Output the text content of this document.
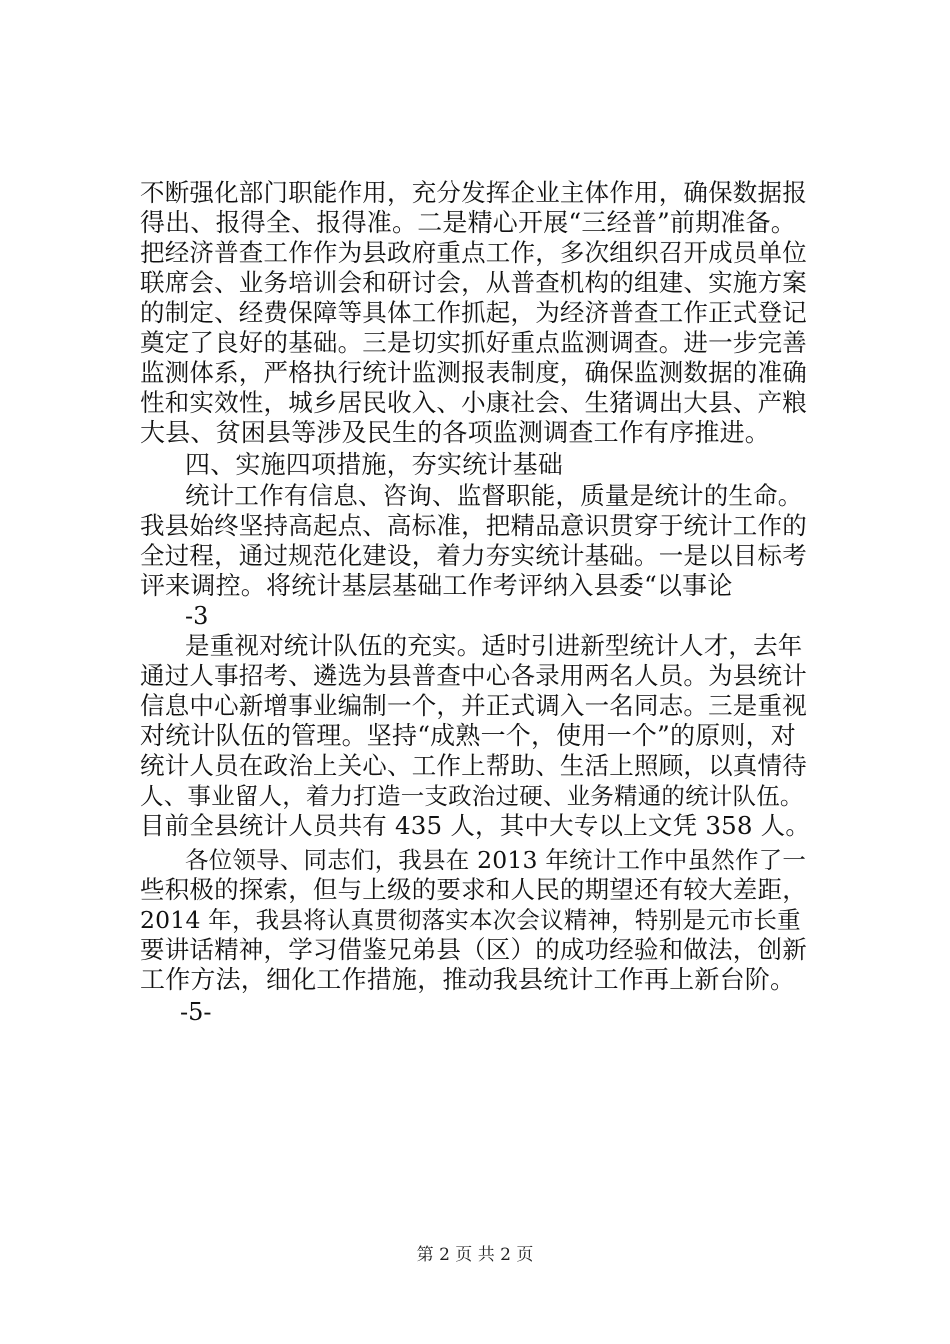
不断强化部门职能作用，充分发挥企业主体作用，确保数据报
得出、报得全、报得准。二是精心开展“三经普”前期准备。
把经济普查工作作为县政府重点工作，多次组织召开成员单位
联席会、业务培训会和研讨会，从普查机构的组建、实施方案
的制定、经费保障等具体工作抓起，为经济普查工作正式登记
奠定了良好的基础。三是切实抓好重点监测调查。进一步完善
监测体系，严格执行统计监测报表制度，确保监测数据的准确
性和实效性，城乡居民收入、小康社会、生猪调出大县、产粮
大县、贫困县等涉及民生的各项监测调查工作有序推进。
四、实施四项措施，夯实统计基础
统计工作有信息、咨询、监督职能，质量是统计的生命。
我县始终坚持高起点、高标准，把精品意识贯穿于统计工作的
全过程，通过规范化建设，着力夯实统计基础。一是以目标考
评来调控。将统计基层基础工作考评纳入县委“以事论
-3
是重视对统计队伍的充实。适时引进新型统计人才，去年
通过人事招考、遴选为县普查中心各录用两名人员。为县统计
信息中心新增事业编制一个，并正式调入一名同志。三是重视
对统计队伍的管理。坚持“成熟一个，使用一个”的原则，对
统计人员在政治上关心、工作上帮助、生活上照顾，以真情待
人、事业留人，着力打造一支政治过硬、业务精通的统计队伍。
目前全县统计人员共有 435 人，其中大专以上文凭 358 人。
各位领导、同志们，我县在 2013 年统计工作中虽然作了一
些积极的探索，但与上级的要求和人民的期望还有较大差距，
2014 年，我县将认真贯彻落实本次会议精神，特别是元市长重
要讲话精神，学习借鉴兄弟县（区）的成功经验和做法，创新
工作方法，细化工作措施，推动我县统计工作再上新台阶。
-5-
第 2 页 共 2 页
